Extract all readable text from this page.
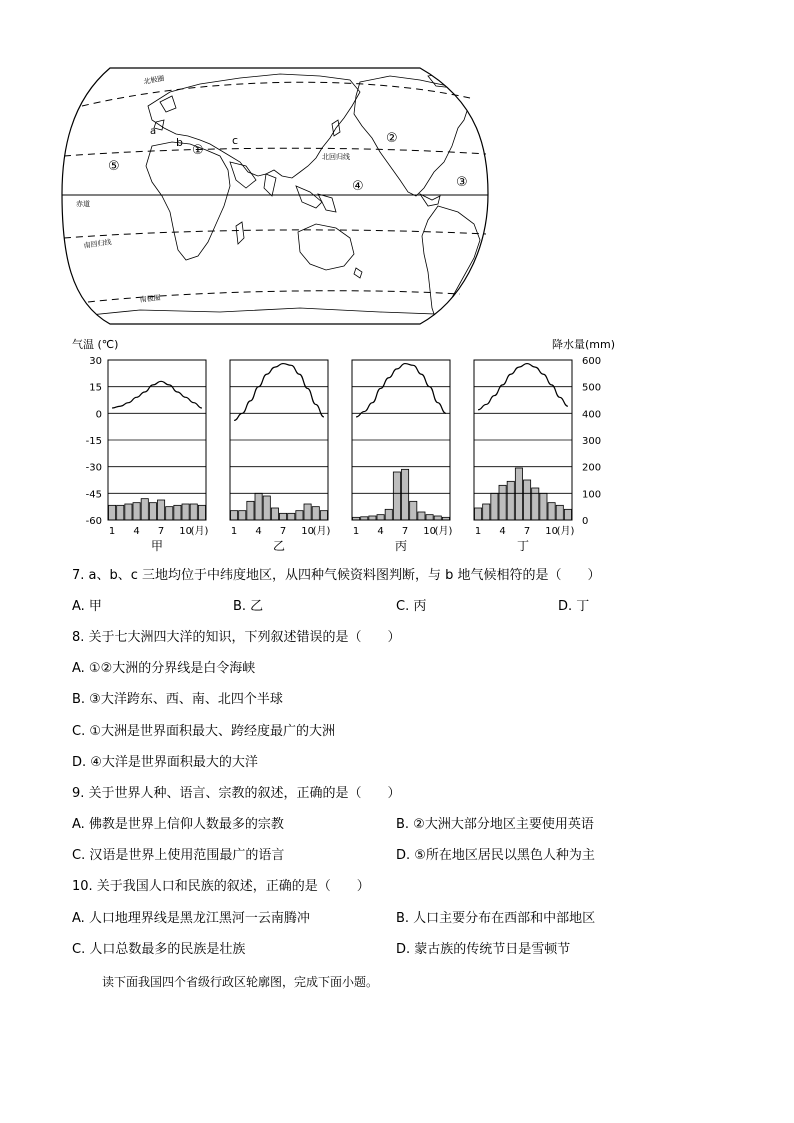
北极圈
北回归线
赤道
南回归线
南极圈
a
b	c
①
②
③
④
⑤
气温 (℃)	降水量(mm)
30
15
0
-15
-30
-45
-60
600
500
400
300
200
100
0
1 4 7 10
(月)
甲
1 4 7 10
(月)
乙
1 4 7 10
(月)
丙
1 4 7 10
(月)
丁
7. a、b、c 三地均位于中纬度地区，从四种气候资料图判断，与 b 地气候相符的是（　　）
A. 甲	B. 乙	C. 丙	D. 丁
8. 关于七大洲四大洋的知识，下列叙述错误的是（　　）
A. ①②大洲的分界线是白令海峡
B. ③大洋跨东、西、南、北四个半球
C. ①大洲是世界面积最大、跨经度最广的大洲
D. ④大洋是世界面积最大的大洋
9. 关于世界人种、语言、宗教的叙述，正确的是（　　）
A. 佛教是世界上信仰人数最多的宗教	B. ②大洲大部分地区主要使用英语
C. 汉语是世界上使用范围最广的语言	D. ⑤所在地区居民以黑色人种为主
10. 关于我国人口和民族的叙述，正确的是（　　）
A. 人口地理界线是黑龙江黑河一云南腾冲	B. 人口主要分布在西部和中部地区
C. 人口总数最多的民族是壮族	D. 蒙古族的传统节日是雪顿节
读下面我国四个省级行政区轮廓图，完成下面小题。
